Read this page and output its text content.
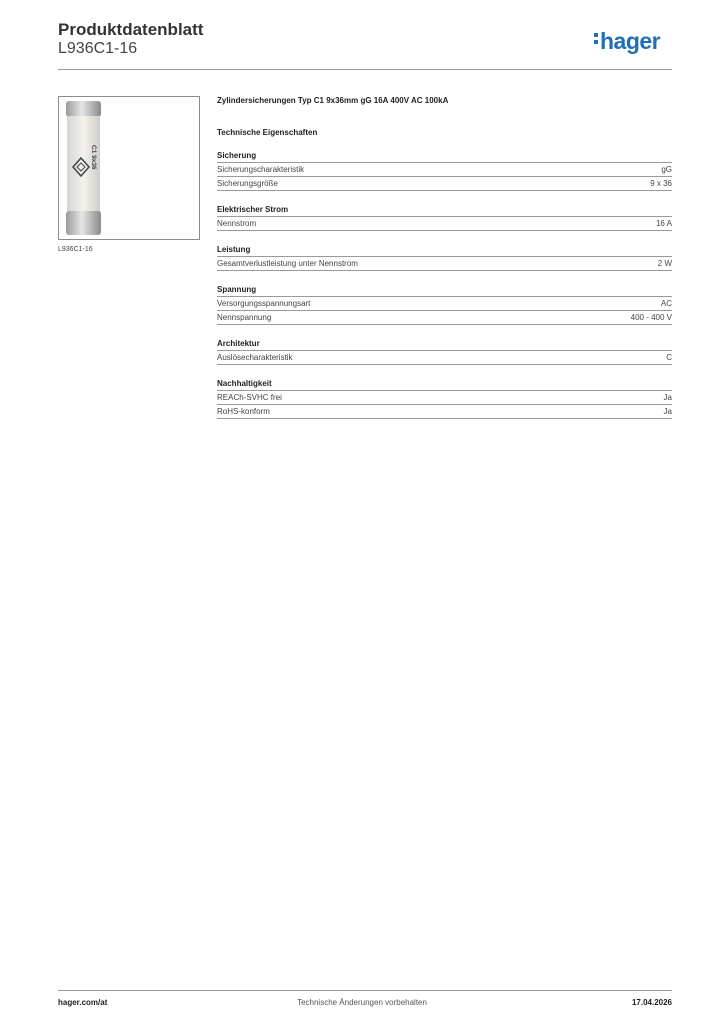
Produktdatenblatt
L936C1-16	hager
C1 9x36
L936C1-16
Zylindersicherungen Typ C1 9x36mm gG 16A 400V AC 100kA
Technische Eigenschaften
Sicherung
Sicherungscharakteristik	gG
Sicherungsgröße	9 x 36
Elektrischer Strom
Nennstrom	16 A
Leistung
Gesamtverlustleistung unter Nennstrom	2 W
Spannung
Versorgungsspannungsart	AC
Nennspannung	400 - 400 V
Architektur
Auslösecharakteristik	C
Nachhaltigkeit
REACh-SVHC frei	Ja
RoHS-konform	Ja
hager.com/at	Technische Änderungen vorbehalten	17.04.2026
